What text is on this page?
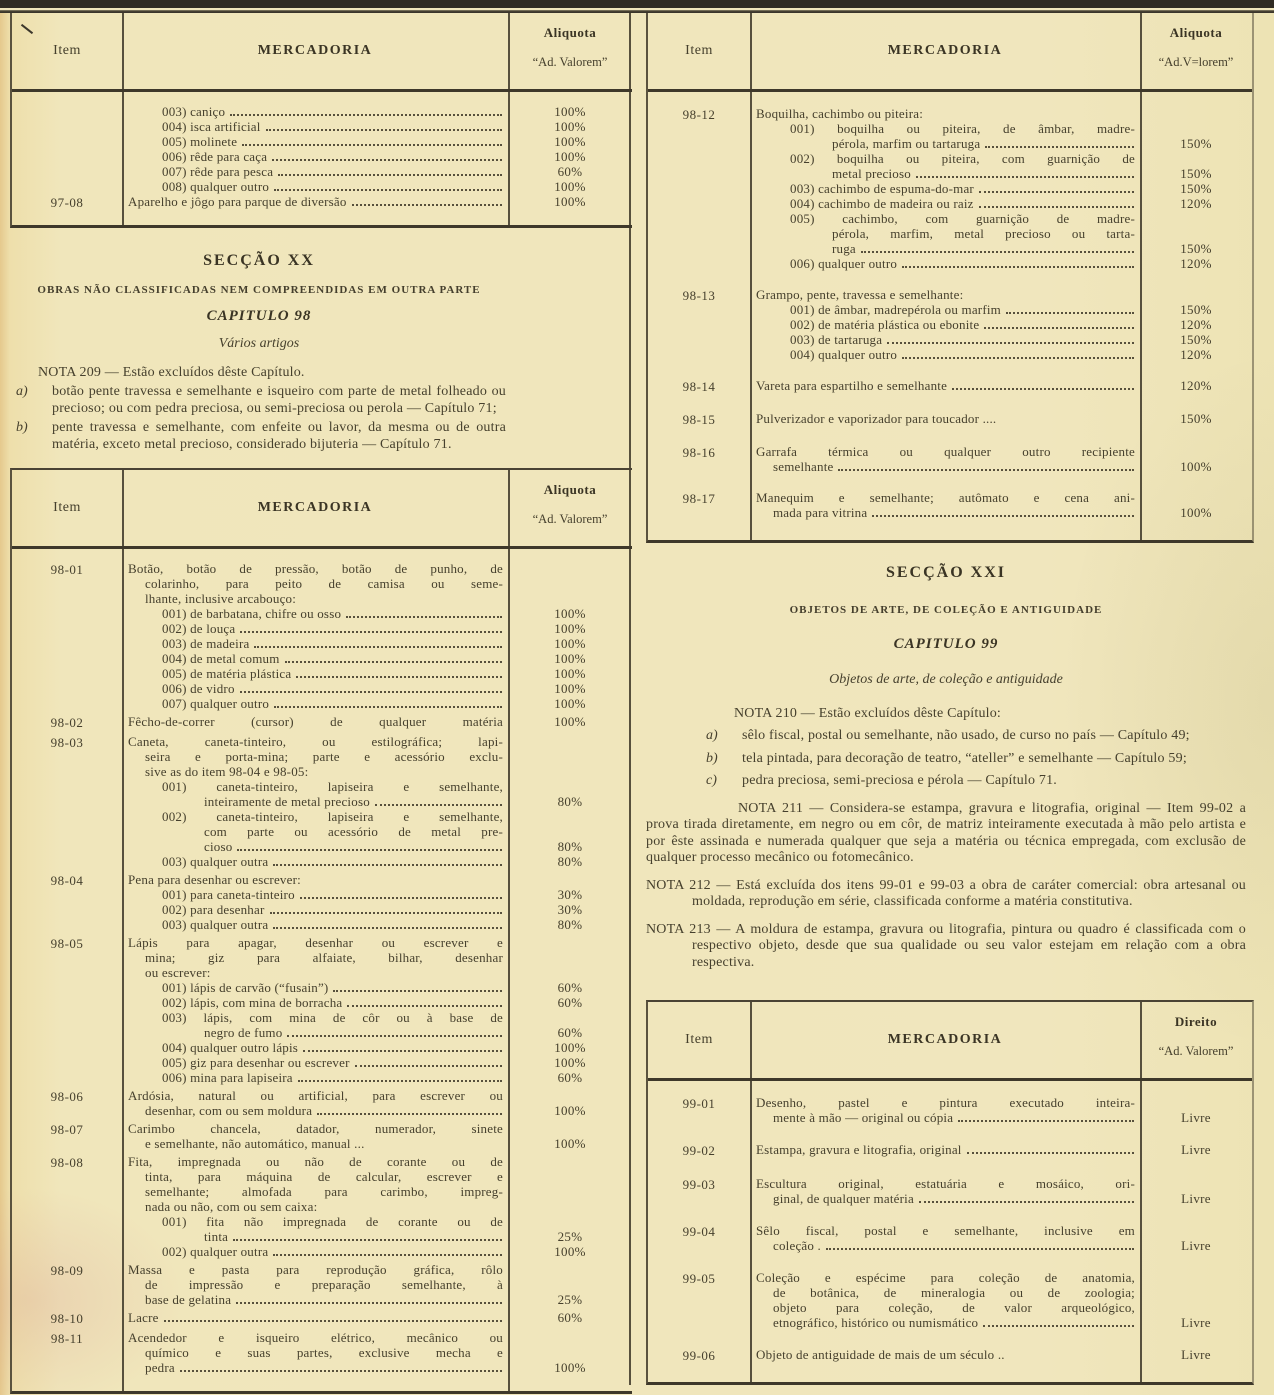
Item	MERCADORIA
Aliquota
“Ad. Valorem”
003) caniço	100%
004) isca artificial	100%
005) molinete	100%
006) rêde para caça	100%
007) rêde para pesca	60%
008) qualquer outro	100%
97-08	Aparelho e jôgo para parque de diversão	100%
SECÇÃO XX
OBRAS NÃO CLASSIFICADAS NEM COMPREENDIDAS EM OUTRA PARTE
CAPITULO 98
Vários artigos
NOTA 209 — Estão excluídos dêste Capítulo.
a)	botão pente travessa e semelhante e isqueiro com parte de metal folheado ou precioso; ou com pedra preciosa, ou semi-preciosa ou perola — Capítulo 71;
b)	pente travessa e semelhante, com enfeite ou lavor, da mesma ou de outra matéria, exceto metal precioso, considerado bijuteria — Capítulo 71.
Item	MERCADORIA
Aliquota
“Ad. Valorem”
98-01	Botão, botão de pressão, botão de punho, de
colarinho, para peito de camisa ou seme-
lhante, inclusive arcabouço:
001) de barbatana, chifre ou osso	100%
002) de louça	100%
003) de madeira	100%
004) de metal comum	100%
005) de matéria plástica	100%
006) de vidro	100%
007) qualquer outro	100%
98-02	Fêcho-de-correr (cursor) de qualquer matéria	100%
98-03	Caneta, caneta-tinteiro, ou estilográfica; lapi-
seira e porta-mina; parte e acessório exclu-
sive as do item 98-04 e 98-05:
001) caneta-tinteiro, lapiseira e semelhante,
inteiramente de metal precioso	80%
002) caneta-tinteiro, lapiseira e semelhante,
com parte ou acessório de metal pre-
cioso	80%
003) qualquer outra	80%
98-04	Pena para desenhar ou escrever:
001) para caneta-tinteiro	30%
002) para desenhar	30%
003) qualquer outra	80%
98-05	Lápis para apagar, desenhar ou escrever e
mina; giz para alfaiate, bilhar, desenhar
ou escrever:
001) lápis de carvão (“fusain”)	60%
002) lápis, com mina de borracha	60%
003) lápis, com mina de côr ou à base de
negro de fumo	60%
004) qualquer outro lápis	100%
005) giz para desenhar ou escrever	100%
006) mina para lapiseira	60%
98-06	Ardósia, natural ou artificial, para escrever ou
desenhar, com ou sem moldura	100%
98-07	Carimbo chancela, datador, numerador, sinete
e semelhante, não automático, manual ...	100%
98-08	Fita, impregnada ou não de corante ou de
tinta, para máquina de calcular, escrever e
semelhante; almofada para carimbo, impreg-
nada ou não, com ou sem caixa:
001) fita não impregnada de corante ou de
tinta	25%
002) qualquer outra	100%
98-09	Massa e pasta para reprodução gráfica, rôlo
de impressão e preparação semelhante, à
base de gelatina	25%
98-10	Lacre	60%
98-11	Acendedor e isqueiro elétrico, mecânico ou
químico e suas partes, exclusive mecha e
pedra	100%
Item	MERCADORIA
Aliquota
“Ad.V=lorem”
98-12	Boquilha, cachimbo ou piteira:
001) boquilha ou piteira, de âmbar, madre-
pérola, marfim ou tartaruga	150%
002) boquilha ou piteira, com guarnição de
metal precioso	150%
003) cachimbo de espuma-do-mar	150%
004) cachimbo de madeira ou raiz	120%
005) cachimbo, com guarnição de madre-
pérola, marfim, metal precioso ou tarta-
ruga	150%
006) qualquer outro	120%
98-13	Grampo, pente, travessa e semelhante:
001) de âmbar, madrepérola ou marfim	150%
002) de matéria plástica ou ebonite	120%
003) de tartaruga	150%
004) qualquer outro	120%
98-14	Vareta para espartilho e semelhante	120%
98-15	Pulverizador e vaporizador para toucador ....	150%
98-16	Garrafa térmica ou qualquer outro recipiente
semelhante	100%
98-17	Manequim e semelhante; autômato e cena ani-
mada para vitrina	100%
SECÇÃO XXI
OBJETOS DE ARTE, DE COLEÇÃO E ANTIGUIDADE
CAPITULO 99
Objetos de arte, de coleção e antiguidade
NOTA 210 — Estão excluídos dêste Capítulo:
a)	sêlo fiscal, postal ou semelhante, não usado, de curso no país — Capítulo 49;
b)	tela pintada, para decoração de teatro, “ateller” e semelhante — Capítulo 59;
c)	pedra preciosa, semi-preciosa e pérola — Capítulo 71.
NOTA 211 — Considera-se estampa, gravura e litografia, original — Item 99-02 a prova tirada diretamente, em negro ou em côr, de matriz inteiramente executada à mão pelo artista e por êste assinada e numerada qualquer que seja a matéria ou técnica empregada, com exclusão de qualquer processo mecânico ou fotomecânico.
NOTA 212 — Está excluída dos itens 99-01 e 99-03 a obra de caráter comercial: obra artesanal ou moldada, reprodução em série, classificada conforme a matéria constitutiva.
NOTA 213 — A moldura de estampa, gravura ou litografia, pintura ou quadro é classificada com o respectivo objeto, desde que sua qualidade ou seu valor estejam em relação com a obra respectiva.
Item	MERCADORIA
Direito
“Ad. Valorem”
99-01	Desenho, pastel e pintura executado inteira-
mente à mão — original ou cópia	Livre
99-02	Estampa, gravura e litografia, original	Livre
99-03	Escultura original, estatuária e mosáico, ori-
ginal, de qualquer matéria	Livre
99-04	Sêlo fiscal, postal e semelhante, inclusive em
coleção .	Livre
99-05	Coleção e espécime para coleção de anatomia,
de botânica, de mineralogia ou de zoologia;
objeto para coleção, de valor arqueológico,
etnográfico, histórico ou numismático	Livre
99-06	Objeto de antiguidade de mais de um século ..	Livre
